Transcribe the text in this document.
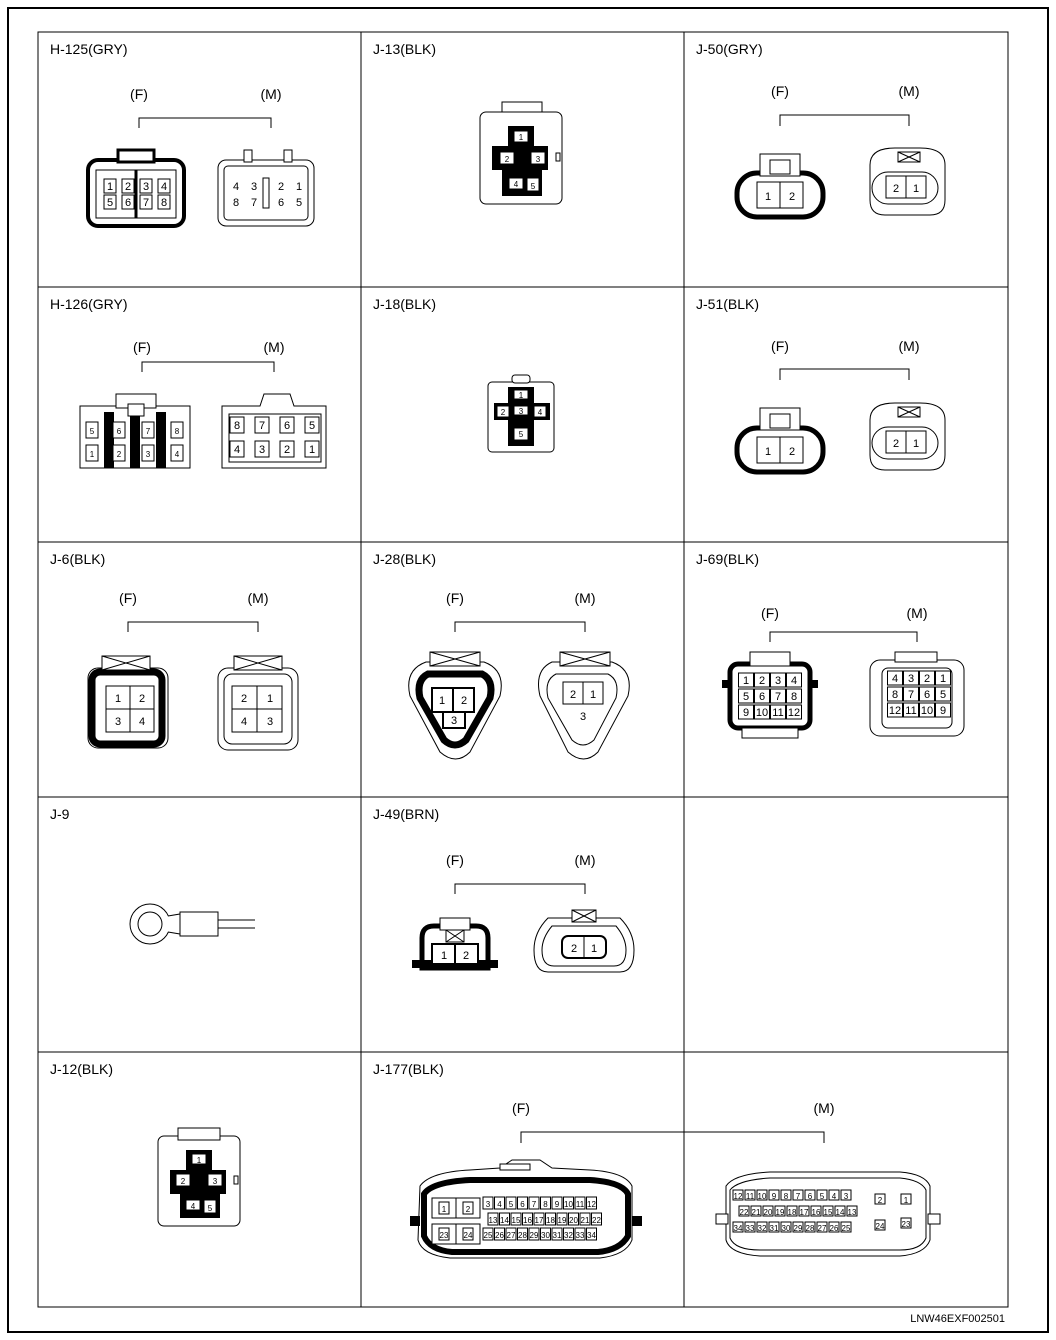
H-125(GRY)	J-13(BLK)	J-50(GRY)
H-126(GRY)	J-18(BLK)	J-51(BLK)
J-6(BLK)	J-28(BLK)	J-69(BLK)
J-9	J-49(BRN)
J-12(BLK)	J-177(BLK)
(F)	(M)
1 2 3 4
5 6 7 8
4 3 2 1
8 7 6 5
1
2	3
4 5
(F)	(M)
1 2
2 1
(F)	(M)
5	6	7	8
1	2	3	4
8 7 6 5
4 3 2 1
1
2 3 4
5
(F)	(M)
1 2
2 1
(F)	(M)
1 2
3 4
2 1
4 3
(F)	(M)
1 2
3
2 1
3
(F)	(M)
1 2 3 4
5 6 7 8
9 10 11 12
4 3 2 1
8 7 6 5
12 11 10 9
(F)	(M)
1 2
2 1
1
2	3
4 5
(F)	(M)
1 2
3 4 5 6 7 8 9 10 11 12
13 14 15 16 17 18 19 20 21 22
23 24 25 26 27 28 29 30 31 32 33 34
12 11 10 9 8 7 6 5 4 3	2	1
22 21 20 19 18 17 16 15 14 13
34 33 32 31 30 29 28 27 26 25	24 23
LNW46EXF002501
